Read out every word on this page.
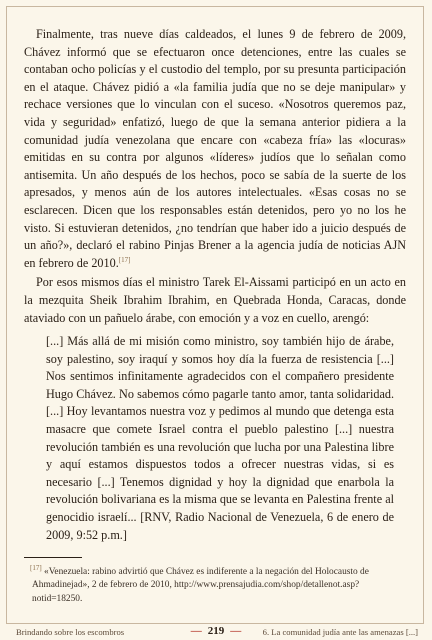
Finalmente, tras nueve días caldeados, el lunes 9 de febrero de 2009, Chávez informó que se efectuaron once detenciones, entre las cuales se contaban ocho policías y el custodio del templo, por su presunta participación en el ataque. Chávez pidió a «la familia judía que no se deje manipular» y rechace versiones que lo vinculan con el suceso. «Nosotros queremos paz, vida y seguridad» enfatizó, luego de que la semana anterior pidiera a la comunidad judía venezolana que encare con «cabeza fría» las «locuras» emitidas en su contra por algunos «líderes» judíos que lo señalan como antisemita. Un año después de los hechos, poco se sabía de la suerte de los apresados, y menos aún de los autores intelectuales. «Esas cosas no se esclarecen. Dicen que los responsables están detenidos, pero yo no los he visto. Si estuvieran detenidos, ¿no tendrían que haber ido a juicio después de un año?», declaró el rabino Pinjas Brener a la agencia judía de noticias AJN en febrero de 2010.[17]

Por esos mismos días el ministro Tarek El-Aissami participó en un acto en la mezquita Sheik Ibrahim Ibrahim, en Quebrada Honda, Caracas, donde ataviado con un pañuelo árabe, con emoción y a voz en cuello, arengó:

[...] Más allá de mi misión como ministro, soy también hijo de árabe, soy palestino, soy iraquí y somos hoy día la fuerza de resistencia [...] Nos sentimos infinitamente agradecidos con el compañero presidente Hugo Chávez. No sabemos cómo pagarle tanto amor, tanta solidaridad. [...] Hoy levantamos nuestra voz y pedimos al mundo que detenga esta masacre que comete Israel contra el pueblo palestino [...] nuestra revolución también es una revolución que lucha por una Palestina libre y aquí estamos dispuestos todos a ofrecer nuestras vidas, si es necesario [...] Tenemos dignidad y hoy la dignidad que enarbola la revolución bolivariana es la misma que se levanta en Palestina frente al genocidio israelí... [RNV, Radio Nacional de Venezuela, 6 de enero de 2009, 9:52 p.m.]

[17] «Venezuela: rabino advirtió que Chávez es indiferente a la negación del Holocausto de Ahmadinejad», 2 de febrero de 2010, http://www.prensajudia.com/shop/detallenot.asp?notid=18250.

Brindando sobre los escombros	— 219 —	6. La comunidad judía ante las amenazas [...]
